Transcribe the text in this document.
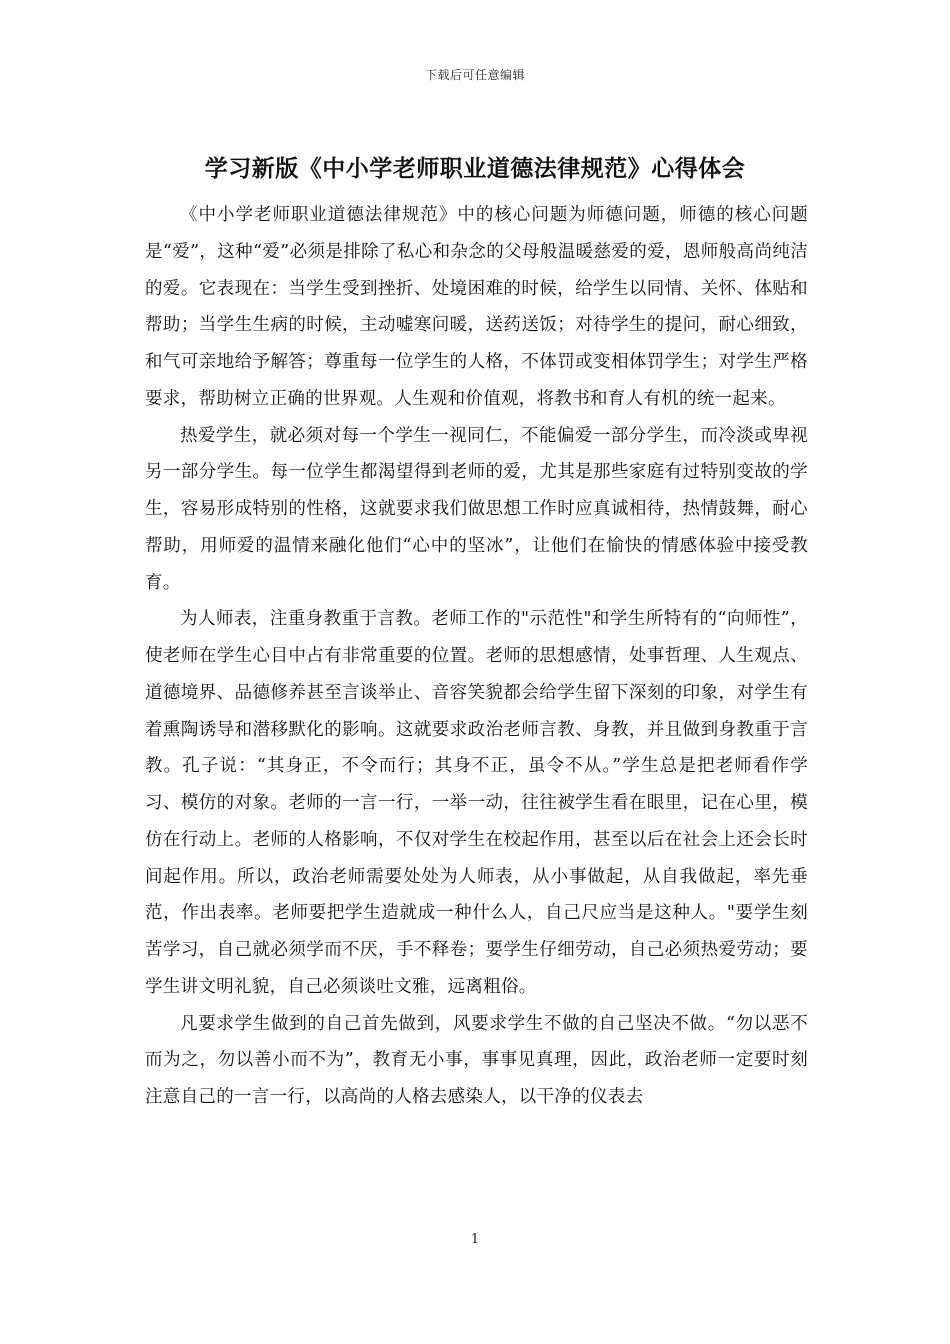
下载后可任意编辑
学习新版《中小学老师职业道德法律规范》心得体会

《中小学老师职业道德法律规范》中的核心问题为师德问题，师德的核心问题是“爱”，这种“爱”必须是排除了私心和杂念的父母般温暖慈爱的爱，恩师般高尚纯洁的爱。它表现在：当学生受到挫折、处境困难的时候，给学生以同情、关怀、体贴和帮助；当学生生病的时候，主动嘘寒问暖，送药送饭；对待学生的提问，耐心细致，和气可亲地给予解答；尊重每一位学生的人格，不体罚或变相体罚学生；对学生严格要求，帮助树立正确的世界观。人生观和价值观，将教书和育人有机的统一起来。

热爱学生，就必须对每一个学生一视同仁，不能偏爱一部分学生，而冷淡或卑视另一部分学生。每一位学生都渴望得到老师的爱，尤其是那些家庭有过特别变故的学生，容易形成特别的性格，这就要求我们做思想工作时应真诚相待，热情鼓舞，耐心帮助，用师爱的温情来融化他们“心中的坚冰”，让他们在愉快的情感体验中接受教育。

为人师表，注重身教重于言教。老师工作的"示范性"和学生所特有的“向师性”，使老师在学生心目中占有非常重要的位置。老师的思想感情，处事哲理、人生观点、道德境界、品德修养甚至言谈举止、音容笑貌都会给学生留下深刻的印象，对学生有着熏陶诱导和潜移默化的影响。这就要求政治老师言教、身教，并且做到身教重于言教。孔子说：“其身正，不令而行；其身不正，虽令不从。”学生总是把老师看作学习、模仿的对象。老师的一言一行，一举一动，往往被学生看在眼里，记在心里，模仿在行动上。老师的人格影响，不仅对学生在校起作用，甚至以后在社会上还会长时间起作用。所以，政治老师需要处处为人师表，从小事做起，从自我做起，率先垂范，作出表率。老师要把学生造就成一种什么人，自己尺应当是这种人。"要学生刻苦学习，自己就必须学而不厌，手不释卷；要学生仔细劳动，自己必须热爱劳动；要学生讲文明礼貌，自己必须谈吐文雅，远离粗俗。

凡要求学生做到的自己首先做到，风要求学生不做的自己坚决不做。“勿以恶不而为之，勿以善小而不为”，教育无小事，事事见真理，因此，政治老师一定要时刻注意自己的一言一行，以高尚的人格去感染人，以干净的仪表去

1
